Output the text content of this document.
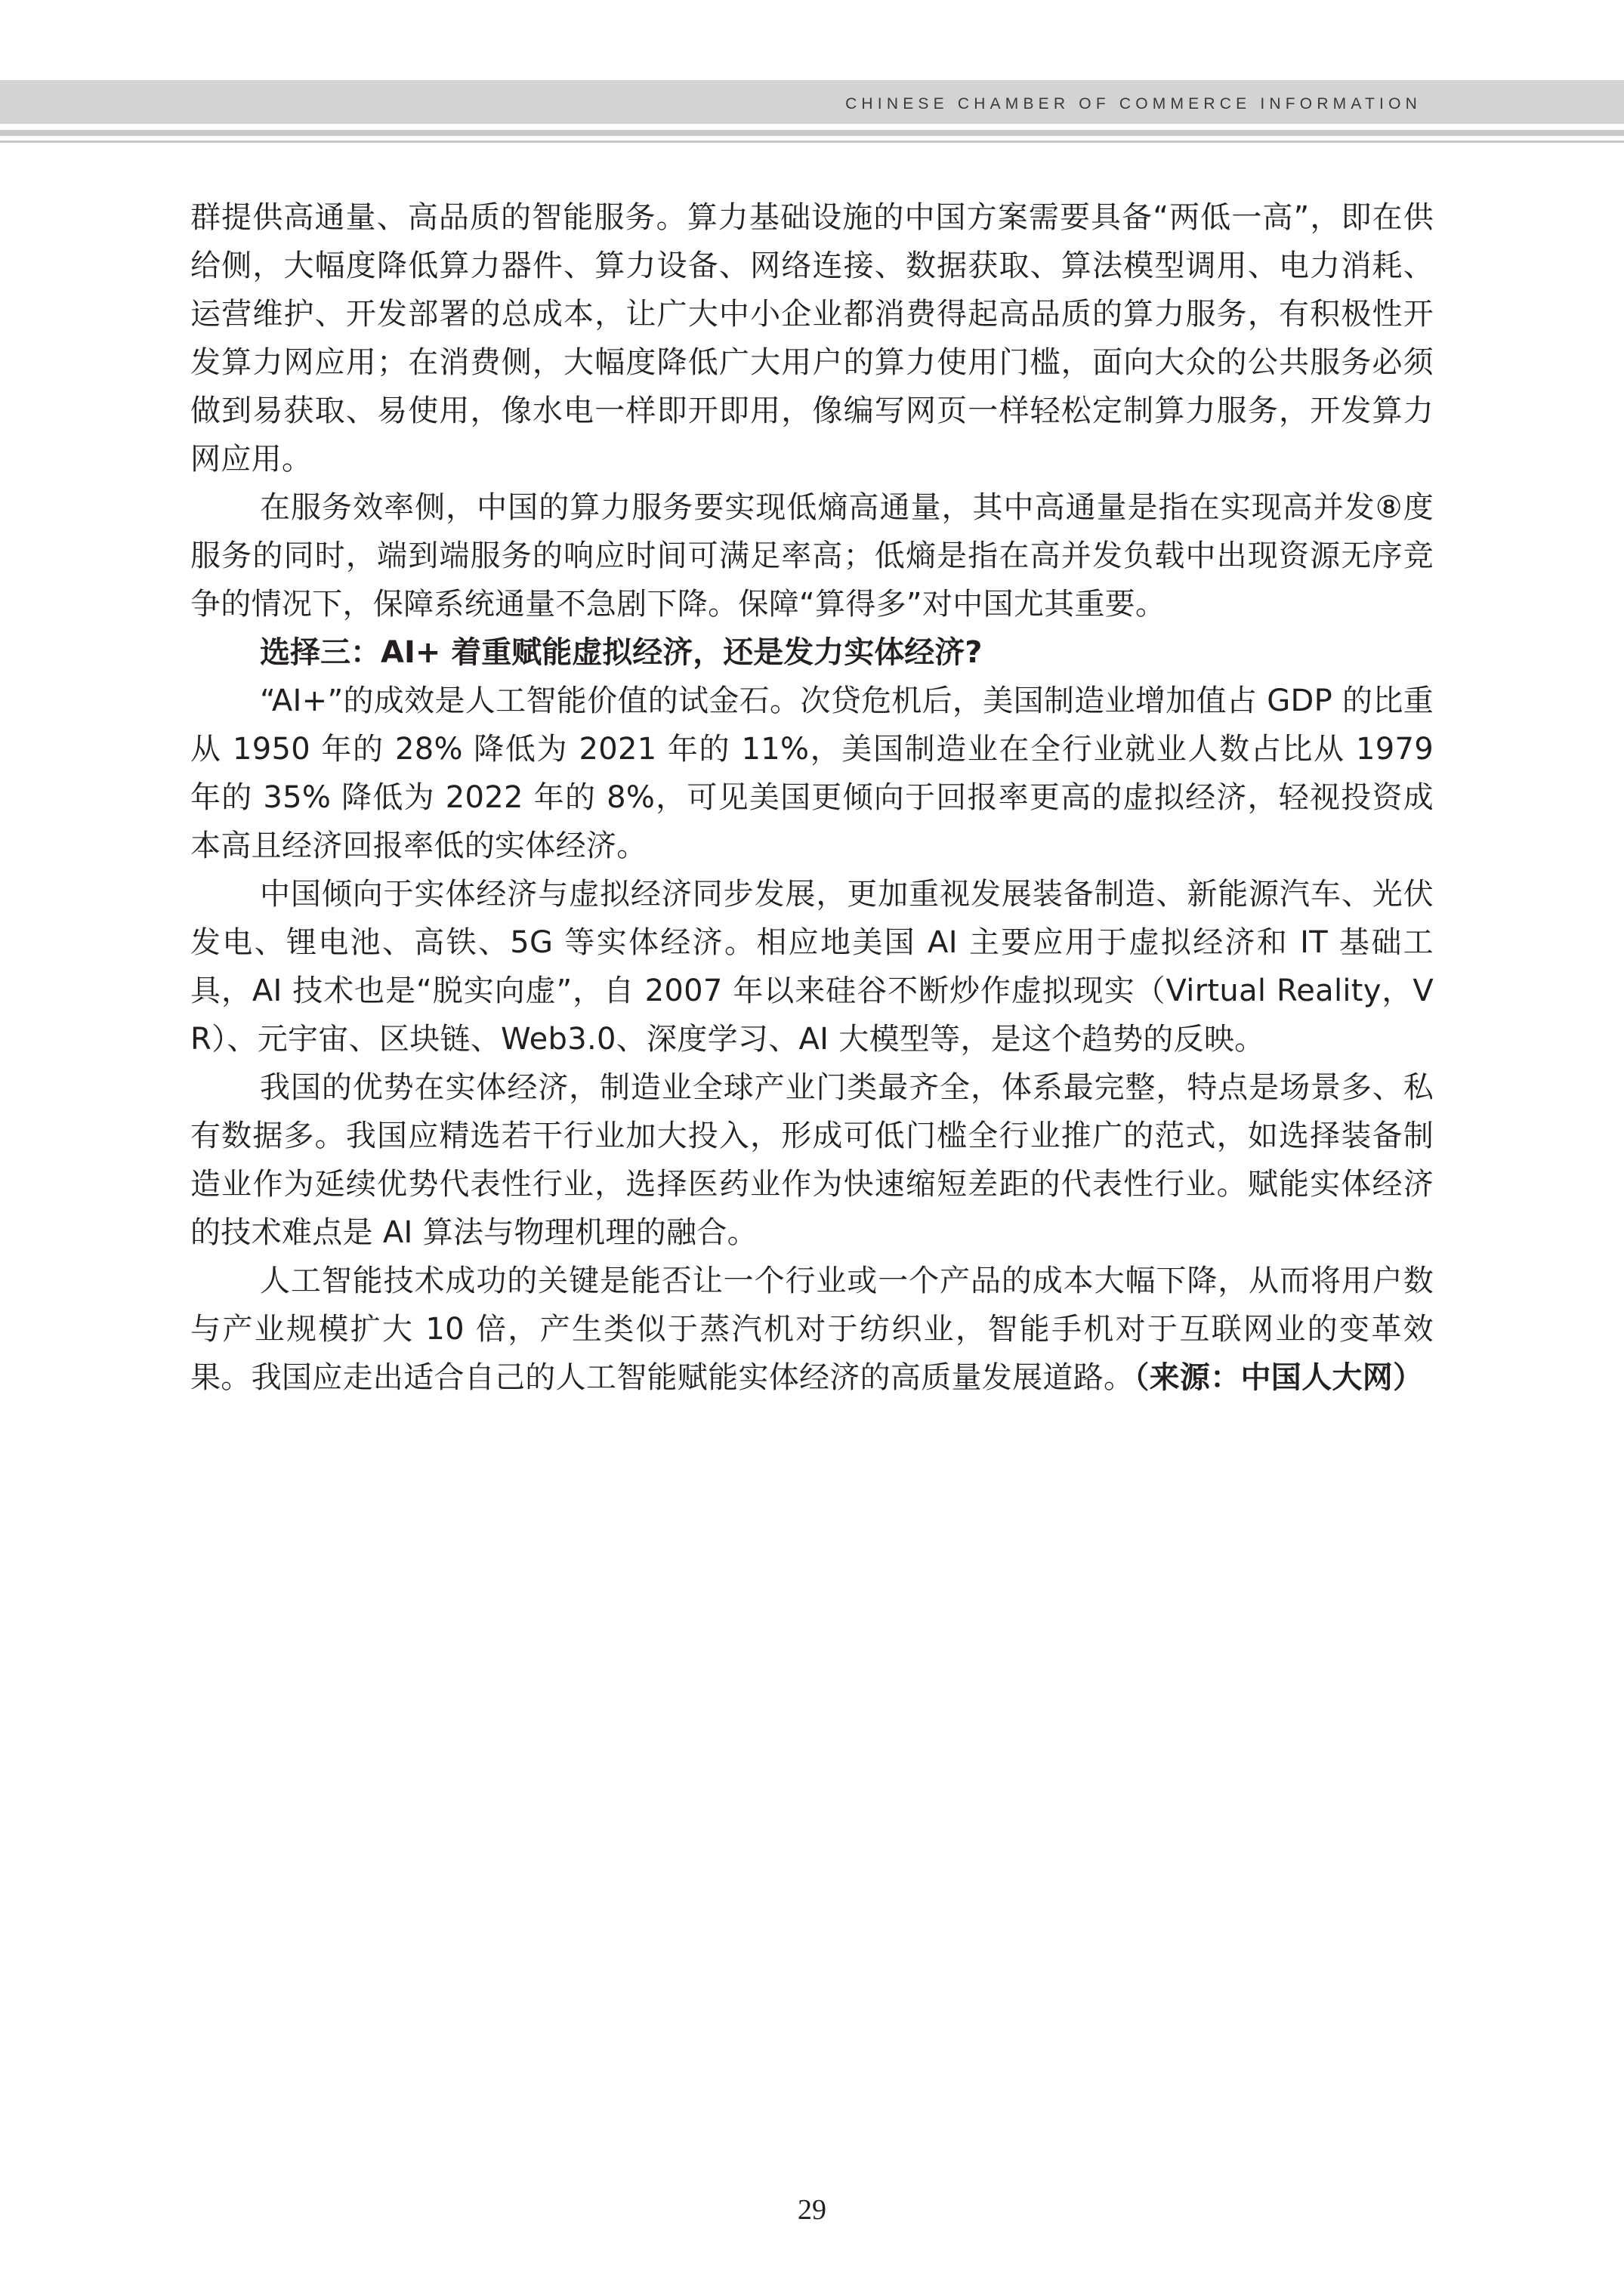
CHINESE CHAMBER OF COMMERCE INFORMATION

群提供高通量、高品质的智能服务。算力基础设施的中国方案需要具备“两低一高”，即在供给侧，大幅度降低算力器件、算力设备、网络连接、数据获取、算法模型调用、电力消耗、运营维护、开发部署的总成本，让广大中小企业都消费得起高品质的算力服务，有积极性开发算力网应用；在消费侧，大幅度降低广大用户的算力使用门槛，面向大众的公共服务必须做到易获取、易使用，像水电一样即开即用，像编写网页一样轻松定制算力服务，开发算力网应用。

在服务效率侧，中国的算力服务要实现低熵高通量，其中高通量是指在实现高并发⑧度服务的同时，端到端服务的响应时间可满足率高；低熵是指在高并发负载中出现资源无序竞争的情况下，保障系统通量不急剧下降。保障“算得多”对中国尤其重要。

选择三：AI+ 着重赋能虚拟经济，还是发力实体经济?

“AI+”的成效是人工智能价值的试金石。次贷危机后，美国制造业增加值占 GDP 的比重从 1950 年的 28% 降低为 2021 年的 11%，美国制造业在全行业就业人数占比从 1979 年的 35% 降低为 2022 年的 8%，可见美国更倾向于回报率更高的虚拟经济，轻视投资成本高且经济回报率低的实体经济。

中国倾向于实体经济与虚拟经济同步发展，更加重视发展装备制造、新能源汽车、光伏发电、锂电池、高铁、5G 等实体经济。相应地美国 AI 主要应用于虚拟经济和 IT 基础工具，AI 技术也是“脱实向虚”，自 2007 年以来硅谷不断炒作虚拟现实（Virtual Reality，VR）、元宇宙、区块链、Web3.0、深度学习、AI 大模型等，是这个趋势的反映。

我国的优势在实体经济，制造业全球产业门类最齐全，体系最完整，特点是场景多、私有数据多。我国应精选若干行业加大投入，形成可低门槛全行业推广的范式，如选择装备制造业作为延续优势代表性行业，选择医药业作为快速缩短差距的代表性行业。赋能实体经济的技术难点是 AI 算法与物理机理的融合。

人工智能技术成功的关键是能否让一个行业或一个产品的成本大幅下降，从而将用户数与产业规模扩大 10 倍，产生类似于蒸汽机对于纺织业，智能手机对于互联网业的变革效果。我国应走出适合自己的人工智能赋能实体经济的高质量发展道路。（来源：中国人大网）

29
